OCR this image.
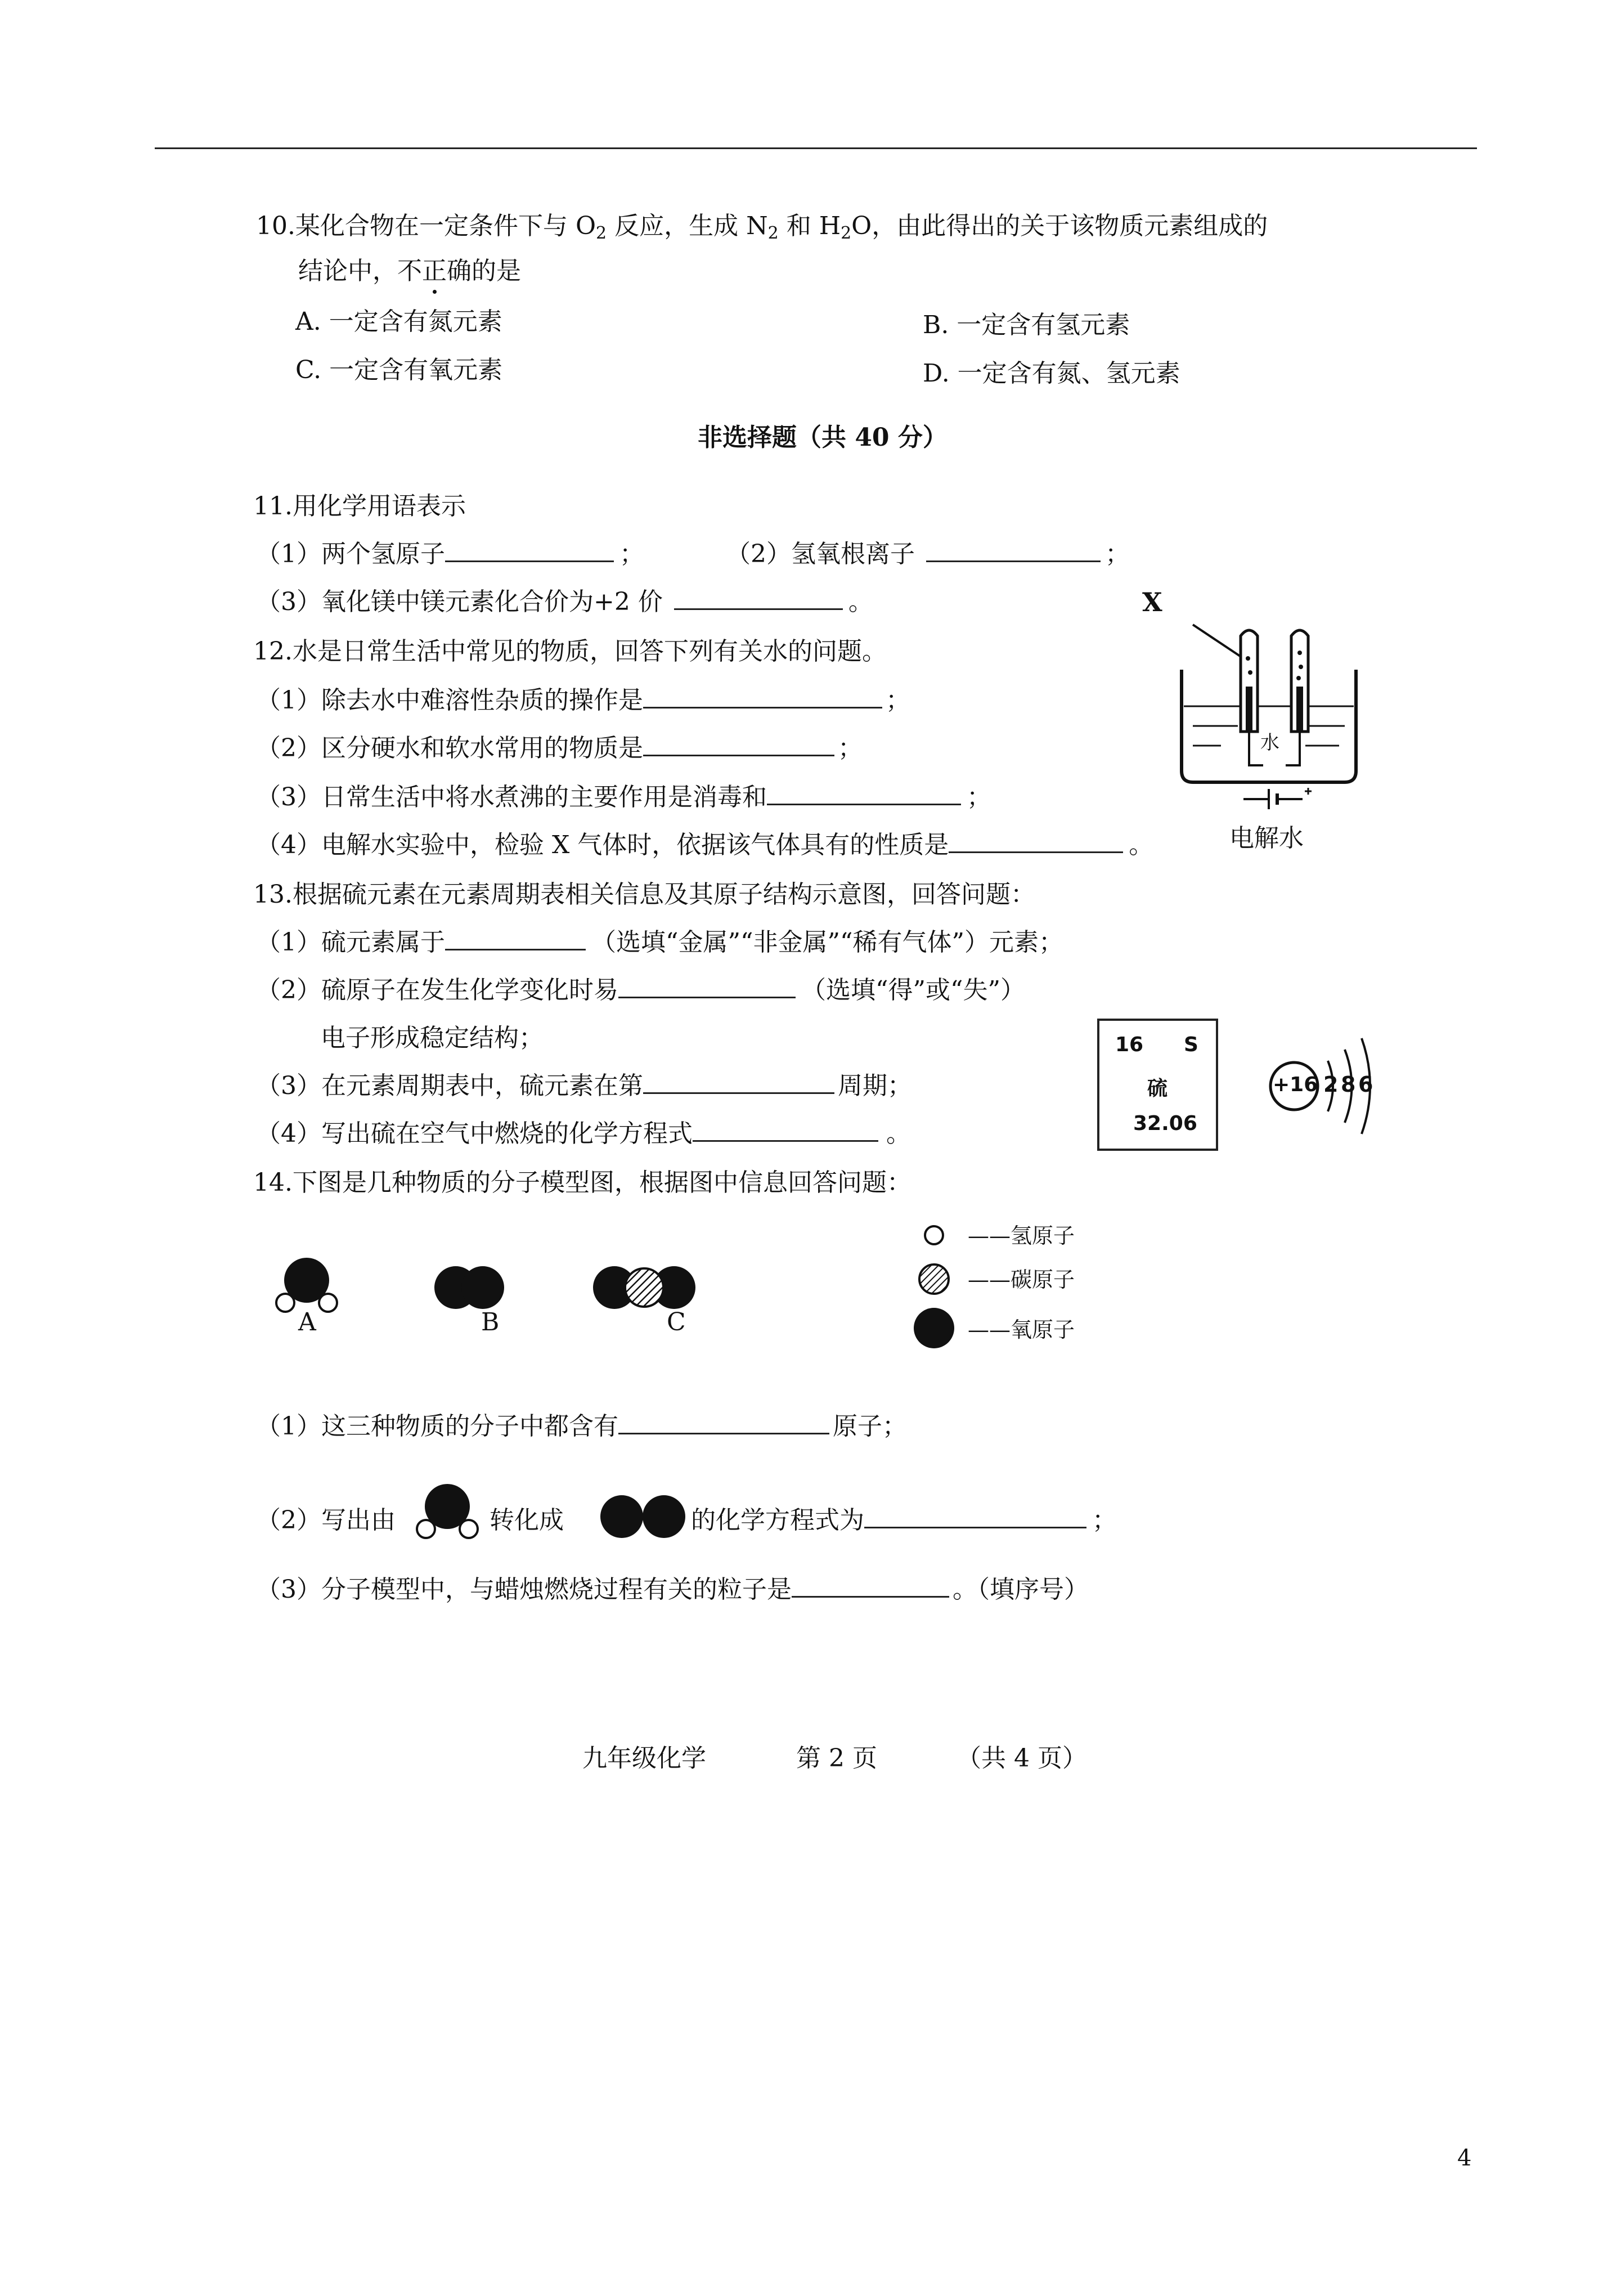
10.某化合物在一定条件下与 $O_2$ 反应，生成 $N_2$ 和 $H_2O$，由此得出的关于该物质元素组成的
结论中，不正确的是
A. 一定含有氮元素	B. 一定含有氢元素
C. 一定含有氧元素	D. 一定含有氮、氢元素
非选择题（共 40 分）
11.用化学用语表示
（1）两个氢原子	；	（2）氢氧根离子	；
（3）氧化镁中镁元素化合价为+2 价	。
12.水是日常生活中常见的物质，回答下列有关水的问题。
（1）除去水中难溶性杂质的操作是	；
（2）区分硬水和软水常用的物质是	；
（3）日常生活中将水煮沸的主要作用是消毒和	；
（4）电解水实验中，检验 X 气体时，依据该气体具有的性质是	。
X
水
电解水
13.根据硫元素在元素周期表相关信息及其原子结构示意图，回答问题：
（1）硫元素属于	（选填“金属”“非金属”“稀有气体”）元素；
（2）硫原子在发生化学变化时易	（选填“得”或“失”）
电子形成稳定结构；
（3）在元素周期表中，硫元素在第	周期；
（4）写出硫在空气中燃烧的化学方程式	。
16 S
硫
32.06
+16 2 8 6
14.下图是几种物质的分子模型图，根据图中信息回答问题：
A	B	C
——氢原子
——碳原子
——氧原子
（1）这三种物质的分子中都含有	原子；
（2）写出由	转化成	的化学方程式为	；
（3）分子模型中，与蜡烛燃烧过程有关的粒子是	。（填序号）
九年级化学	第 2 页	（共 4 页）
4
